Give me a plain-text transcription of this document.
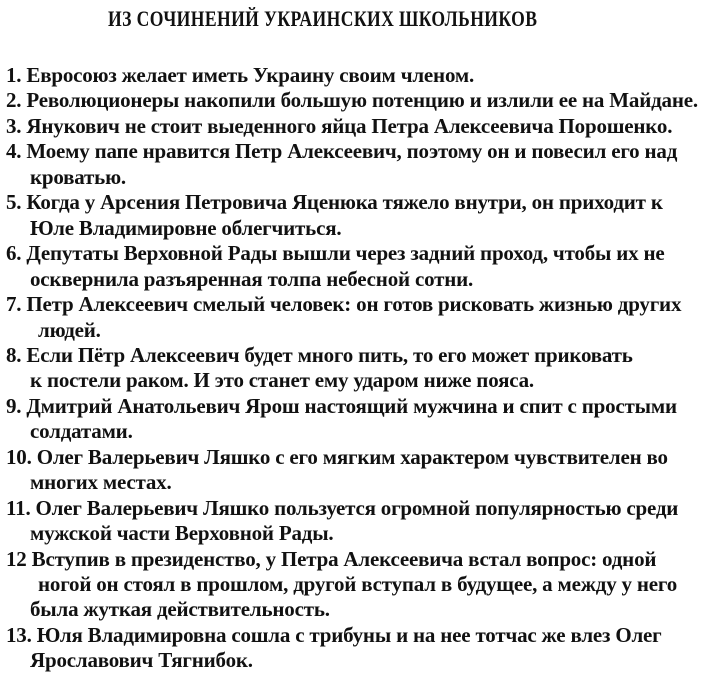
ИЗ СОЧИНЕНИЙ УКРАИНСКИХ ШКОЛЬНИКОВ
1. Евросоюз желает иметь Украину своим членом.
2. Революционеры накопили большую потенцию и излили ее на Майдане.
3. Янукович не стоит выеденного яйца Петра Алексеевича Порошенко.
4. Моему папе нравится Петр Алексеевич, поэтому он и повесил его над
кроватью.
5. Когда у Арсения Петровича Яценюка тяжело внутри, он приходит к
Юле Владимировне облегчиться.
6. Депутаты Верховной Рады вышли через задний проход, чтобы их не
осквернила разъяренная толпа небесной сотни.
7. Петр Алексеевич смелый человек: он готов рисковать жизнью других
людей.
8. Если Пётр Алексеевич будет много пить, то его может приковать
к постели раком. И это станет ему ударом ниже пояса.
9. Дмитрий Анатольевич Ярош настоящий мужчина и спит с простыми
солдатами.
10. Олег Валерьевич Ляшко с его мягким характером чувствителен во
многих местах.
11. Олег Валерьевич Ляшко пользуется огромной популярностью среди
мужской части Верховной Рады.
12 Вступив в президенство, у Петра Алексеевича встал вопрос: одной
ногой он стоял в прошлом, другой вступал в будущее, а между у него
была жуткая действительность.
13. Юля Владимировна сошла с трибуны и на нее тотчас же влез Олег
Ярославович Тягнибок.
